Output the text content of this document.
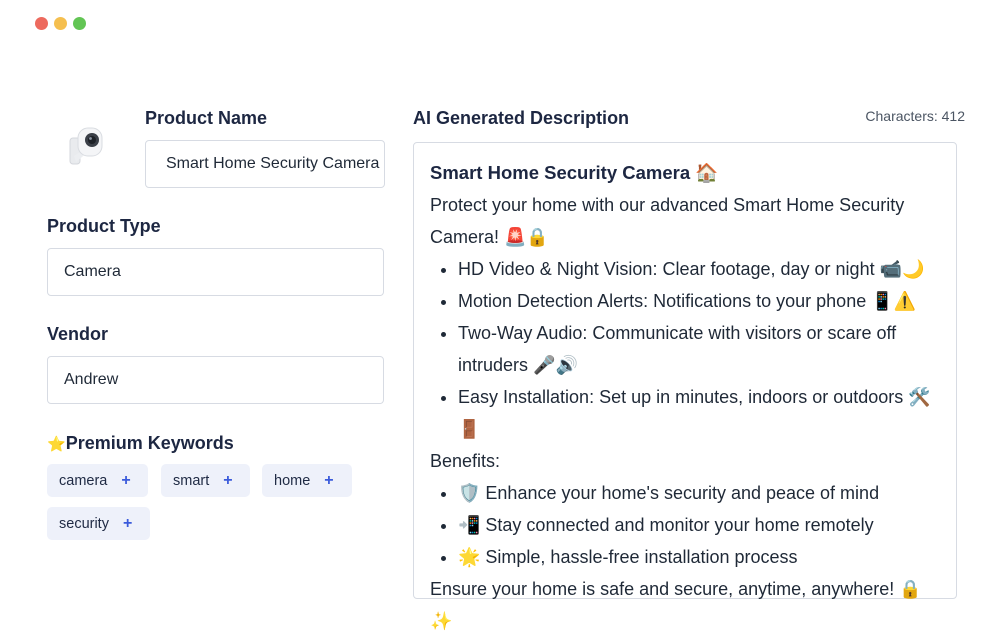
Product Name
Smart Home Security Camera
Product Type
Camera
Vendor
Andrew
⭐Premium Keywords
camera +	smart +	home +
security +
AI Generated Description	Characters: 412
Smart Home Security Camera 🏠

Protect your home with our advanced Smart Home Security Camera! 🚨🔒

• HD Video & Night Vision: Clear footage, day or night 📹🌙
• Motion Detection Alerts: Notifications to your phone 📱⚠️
• Two-Way Audio: Communicate with visitors or scare off intruders 🎤🔊
• Easy Installation: Set up in minutes, indoors or outdoors 🛠️🚪

Benefits:

• 🛡️ Enhance your home's security and peace of mind
• 📲 Stay connected and monitor your home remotely
• 🌟 Simple, hassle-free installation process

Ensure your home is safe and secure, anytime, anywhere! 🔒✨
